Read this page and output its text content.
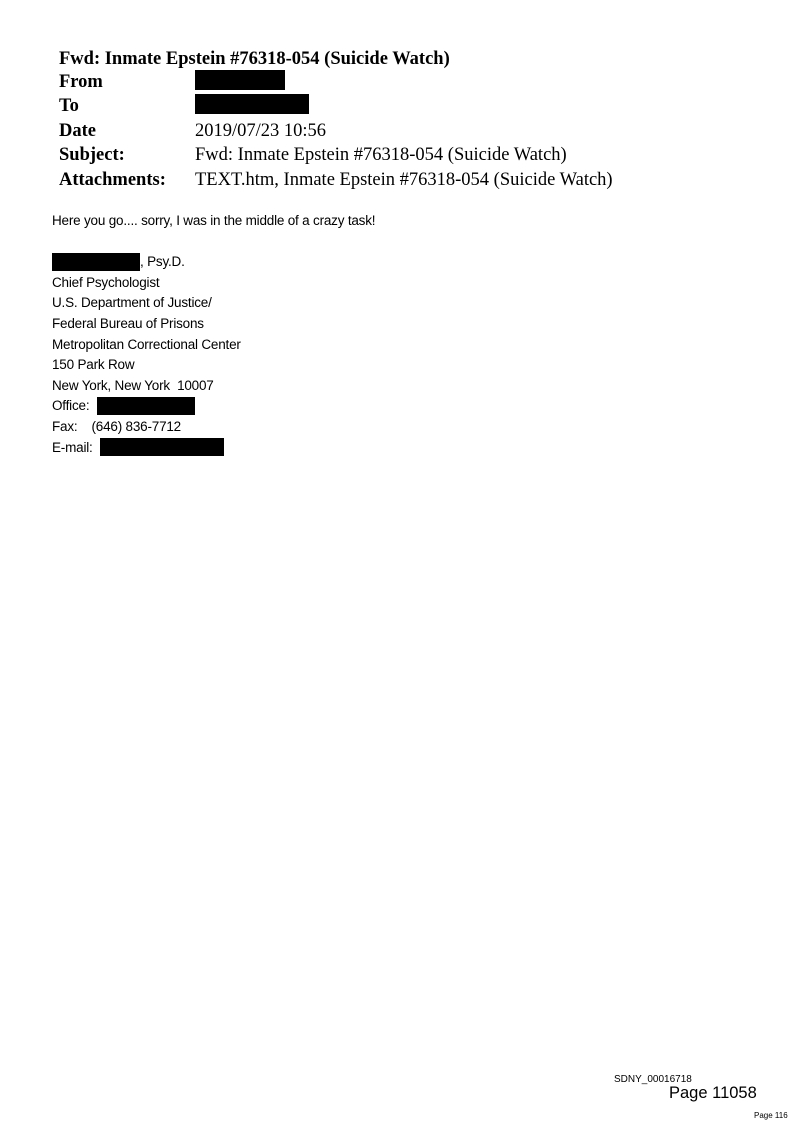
Fwd: Inmate Epstein #76318-054 (Suicide Watch)
From
To
Date	2019/07/23 10:56
Subject:	Fwd: Inmate Epstein #76318-054 (Suicide Watch)
Attachments: TEXT.htm, Inmate Epstein #76318-054 (Suicide Watch)
Here you go.... sorry, I was in the middle of a crazy task!
, Psy.D.
Chief Psychologist
U.S. Department of Justice/
Federal Bureau of Prisons
Metropolitan Correctional Center
150 Park Row
New York, New York  10007
Office:
Fax: (646) 836-7712
E-mail:
SDNY_00016718
Page 11058
Page 116
